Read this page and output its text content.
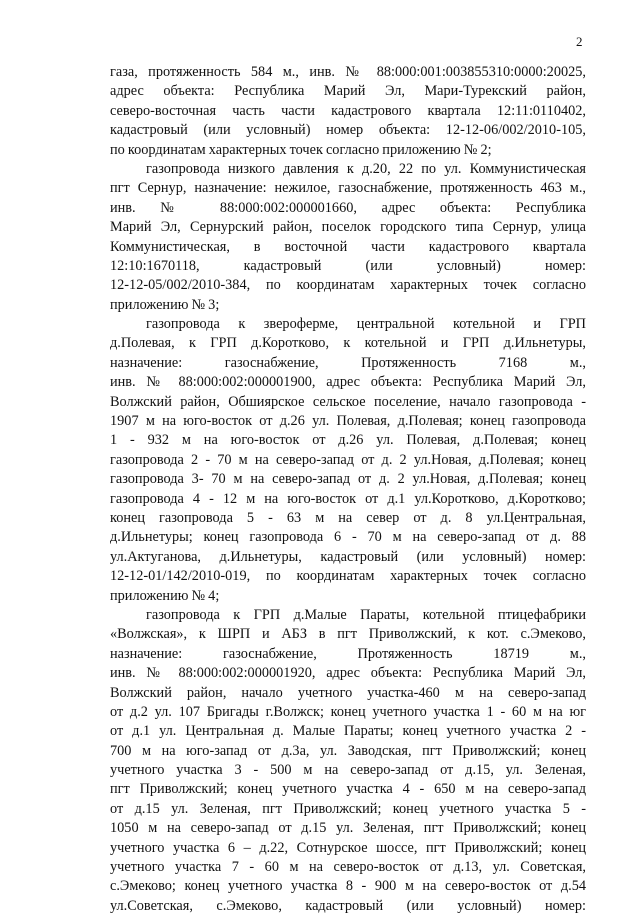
2
газа, протяженность 584 м., инв. № 88:000:001:003855310:0000:20025,
адрес объекта: Республика Марий Эл, Мари-Турекский район,
северо-восточная часть части кадастрового квартала 12:11:0110402,
кадастровый (или условный) номер объекта: 12-12-06/002/2010-105,
по координатам характерных точек согласно приложению № 2;
газопровода низкого давления к д.20, 22 по ул. Коммунистическая
пгт Сернур, назначение: нежилое, газоснабжение, протяженность 463 м.,
инв. № 88:000:002:000001660, адрес объекта: Республика
Марий Эл, Сернурский район, поселок городского типа Сернур, улица
Коммунистическая, в восточной части кадастрового квартала
12:10:1670118, кадастровый (или условный) номер:
12-12-05/002/2010-384, по координатам характерных точек согласно
приложению № 3;
газопровода к звероферме, центральной котельной и ГРП
д.Полевая, к ГРП д.Коротково, к котельной и ГРП д.Ильнетуры,
назначение: газоснабжение, Протяженность 7168 м.,
инв. № 88:000:002:000001900, адрес объекта: Республика Марий Эл,
Волжский район, Обшиярское сельское поселение, начало газопровода -
1907 м на юго-восток от д.26 ул. Полевая, д.Полевая; конец газопровода
1 - 932 м на юго-восток от д.26 ул. Полевая, д.Полевая; конец
газопровода 2 - 70 м на северо-запад от д. 2 ул.Новая, д.Полевая; конец
газопровода 3- 70 м на северо-запад от д. 2 ул.Новая, д.Полевая; конец
газопровода 4 - 12 м на юго-восток от д.1 ул.Коротково, д.Коротково;
конец газопровода 5 - 63 м на север от д. 8 ул.Центральная,
д.Ильнетуры; конец газопровода 6 - 70 м на северо-запад от д. 88
ул.Актуганова, д.Ильнетуры, кадастровый (или условный) номер:
12-12-01/142/2010-019, по координатам характерных точек согласно
приложению № 4;
газопровода к ГРП д.Малые Параты, котельной птицефабрики
«Волжская», к ШРП и АБЗ в пгт Приволжский, к кот. с.Эмеково,
назначение: газоснабжение, Протяженность 18719 м.,
инв. № 88:000:002:000001920, адрес объекта: Республика Марий Эл,
Волжский район, начало учетного участка-460 м на северо-запад
от д.2 ул. 107 Бригады г.Волжск; конец учетного участка 1 - 60 м на юг
от д.1 ул. Центральная д. Малые Параты; конец учетного участка 2 -
700 м на юго-запад от д.3а, ул. Заводская, пгт Приволжский; конец
учетного участка 3 - 500 м на северо-запад от д.15, ул. Зеленая,
пгт Приволжский; конец учетного участка 4 - 650 м на северо-запад
от д.15 ул. Зеленая, пгт Приволжский; конец учетного участка 5 -
1050 м на северо-запад от д.15 ул. Зеленая, пгт Приволжский; конец
учетного участка 6 – д.22, Сотнурское шоссе, пгт Приволжский; конец
учетного участка 7 - 60 м на северо-восток от д.13, ул. Советская,
с.Эмеково; конец учетного участка 8 - 900 м на северо-восток от д.54
ул.Советская, с.Эмеково, кадастровый (или условный) номер:
